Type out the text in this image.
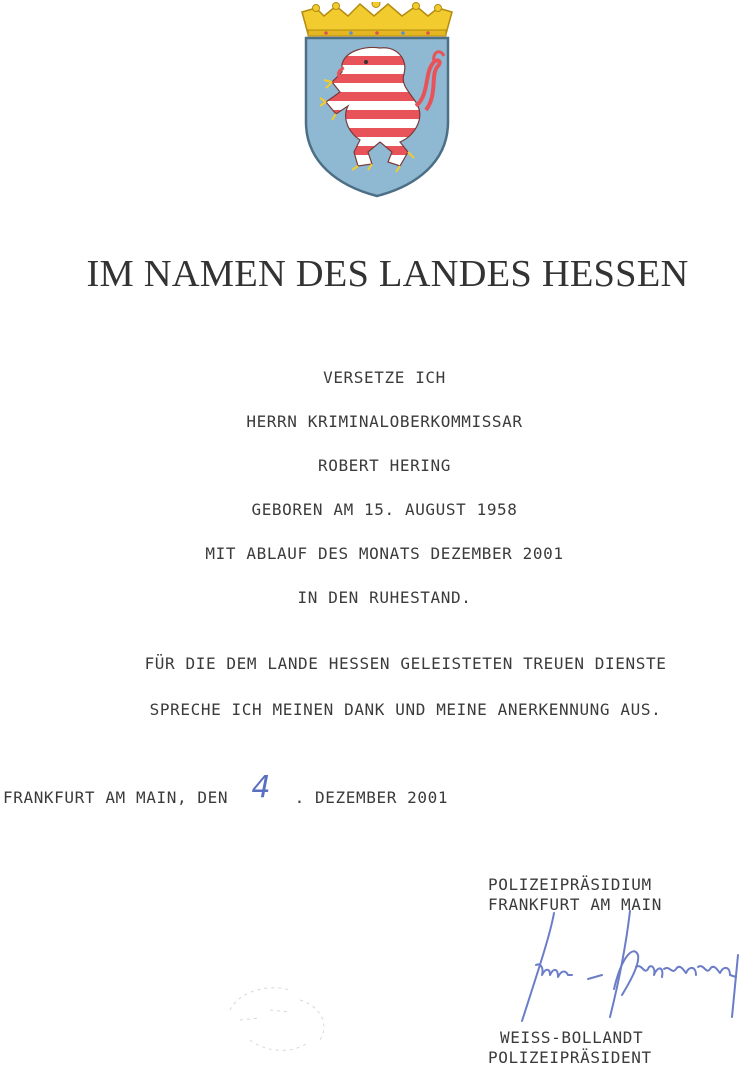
IM NAMEN DES LANDES HESSEN
VERSETZE ICH
HERRN KRIMINALOBERKOMMISSAR
ROBERT HERING
GEBOREN AM 15. AUGUST 1958
MIT ABLAUF DES MONATS DEZEMBER 2001
IN DEN RUHESTAND.
FÜR DIE DEM LANDE HESSEN GELEISTETEN TREUEN DIENSTE
SPRECHE ICH MEINEN DANK UND MEINE ANERKENNUNG AUS.
FRANKFURT AM MAIN, DEN 4 . DEZEMBER 2001
POLIZEIPRÄSIDIUM
FRANKFURT AM MAIN
WEISS-BOLLANDT
POLIZEIPRÄSIDENT
